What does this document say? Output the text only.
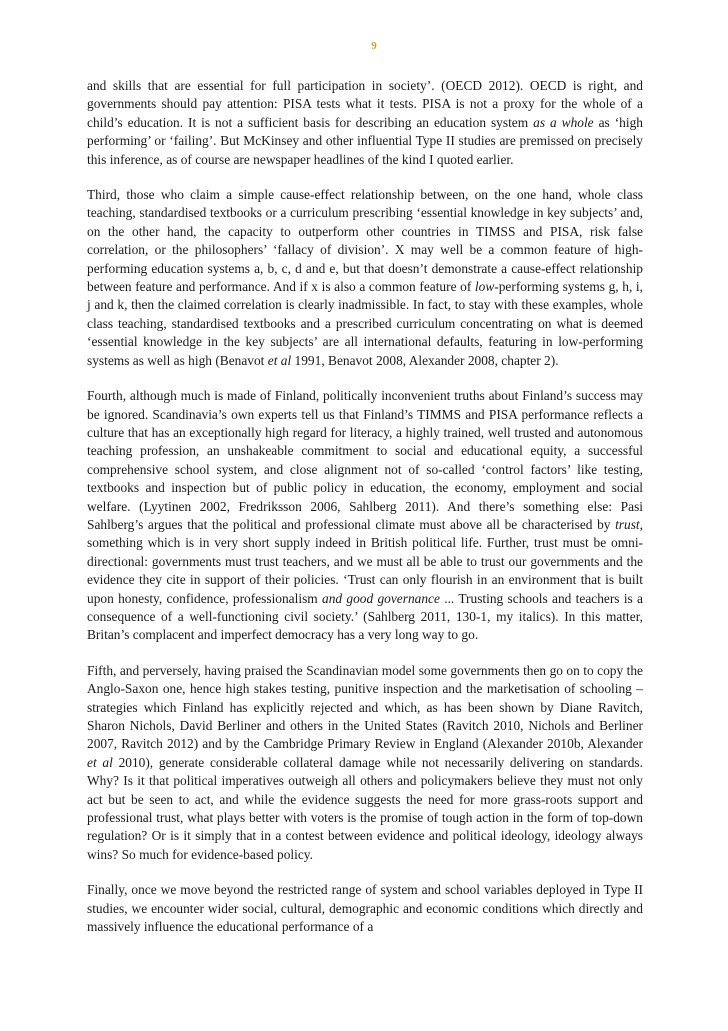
9

and skills that are essential for full participation in society’. (OECD 2012). OECD is right, and governments should pay attention: PISA tests what it tests. PISA is not a proxy for the whole of a child’s education. It is not a sufficient basis for describing an education system as a whole as ‘high performing’ or ‘failing’. But McKinsey and other influential Type II studies are premissed on precisely this inference, as of course are newspaper headlines of the kind I quoted earlier.

Third, those who claim a simple cause-effect relationship between, on the one hand, whole class teaching, standardised textbooks or a curriculum prescribing ‘essential knowledge in key subjects’ and, on the other hand, the capacity to outperform other countries in TIMSS and PISA, risk false correlation, or the philosophers’ ‘fallacy of division’. X may well be a common feature of high-performing education systems a, b, c, d and e, but that doesn’t demonstrate a cause-effect relationship between feature and performance. And if x is also a common feature of low-performing systems g, h, i, j and k, then the claimed correlation is clearly inadmissible. In fact, to stay with these examples, whole class teaching, standardised textbooks and a prescribed curriculum concentrating on what is deemed ‘essential knowledge in the key subjects’ are all international defaults, featuring in low-performing systems as well as high (Benavot et al 1991, Benavot 2008, Alexander 2008, chapter 2).

Fourth, although much is made of Finland, politically inconvenient truths about Finland’s success may be ignored. Scandinavia’s own experts tell us that Finland’s TIMMS and PISA performance reflects a culture that has an exceptionally high regard for literacy, a highly trained, well trusted and autonomous teaching profession, an unshakeable commitment to social and educational equity, a successful comprehensive school system, and close alignment not of so-called ‘control factors’ like testing, textbooks and inspection but of public policy in education, the economy, employment and social welfare. (Lyytinen 2002, Fredriksson 2006, Sahlberg 2011). And there’s something else: Pasi Sahlberg’s argues that the political and professional climate must above all be characterised by trust, something which is in very short supply indeed in British political life. Further, trust must be omni-directional: governments must trust teachers, and we must all be able to trust our governments and the evidence they cite in support of their policies. ‘Trust can only flourish in an environment that is built upon honesty, confidence, professionalism and good governance ... Trusting schools and teachers is a consequence of a well-functioning civil society.’ (Sahlberg 2011, 130-1, my italics). In this matter, Britan’s complacent and imperfect democracy has a very long way to go.

Fifth, and perversely, having praised the Scandinavian model some governments then go on to copy the Anglo-Saxon one, hence high stakes testing, punitive inspection and the marketisation of schooling – strategies which Finland has explicitly rejected and which, as has been shown by Diane Ravitch, Sharon Nichols, David Berliner and others in the United States (Ravitch 2010, Nichols and Berliner 2007, Ravitch 2012) and by the Cambridge Primary Review in England (Alexander 2010b, Alexander et al 2010), generate considerable collateral damage while not necessarily delivering on standards. Why? Is it that political imperatives outweigh all others and policymakers believe they must not only act but be seen to act, and while the evidence suggests the need for more grass-roots support and professional trust, what plays better with voters is the promise of tough action in the form of top-down regulation? Or is it simply that in a contest between evidence and political ideology, ideology always wins? So much for evidence-based policy.

Finally, once we move beyond the restricted range of system and school variables deployed in Type II studies, we encounter wider social, cultural, demographic and economic conditions which directly and massively influence the educational performance of a
